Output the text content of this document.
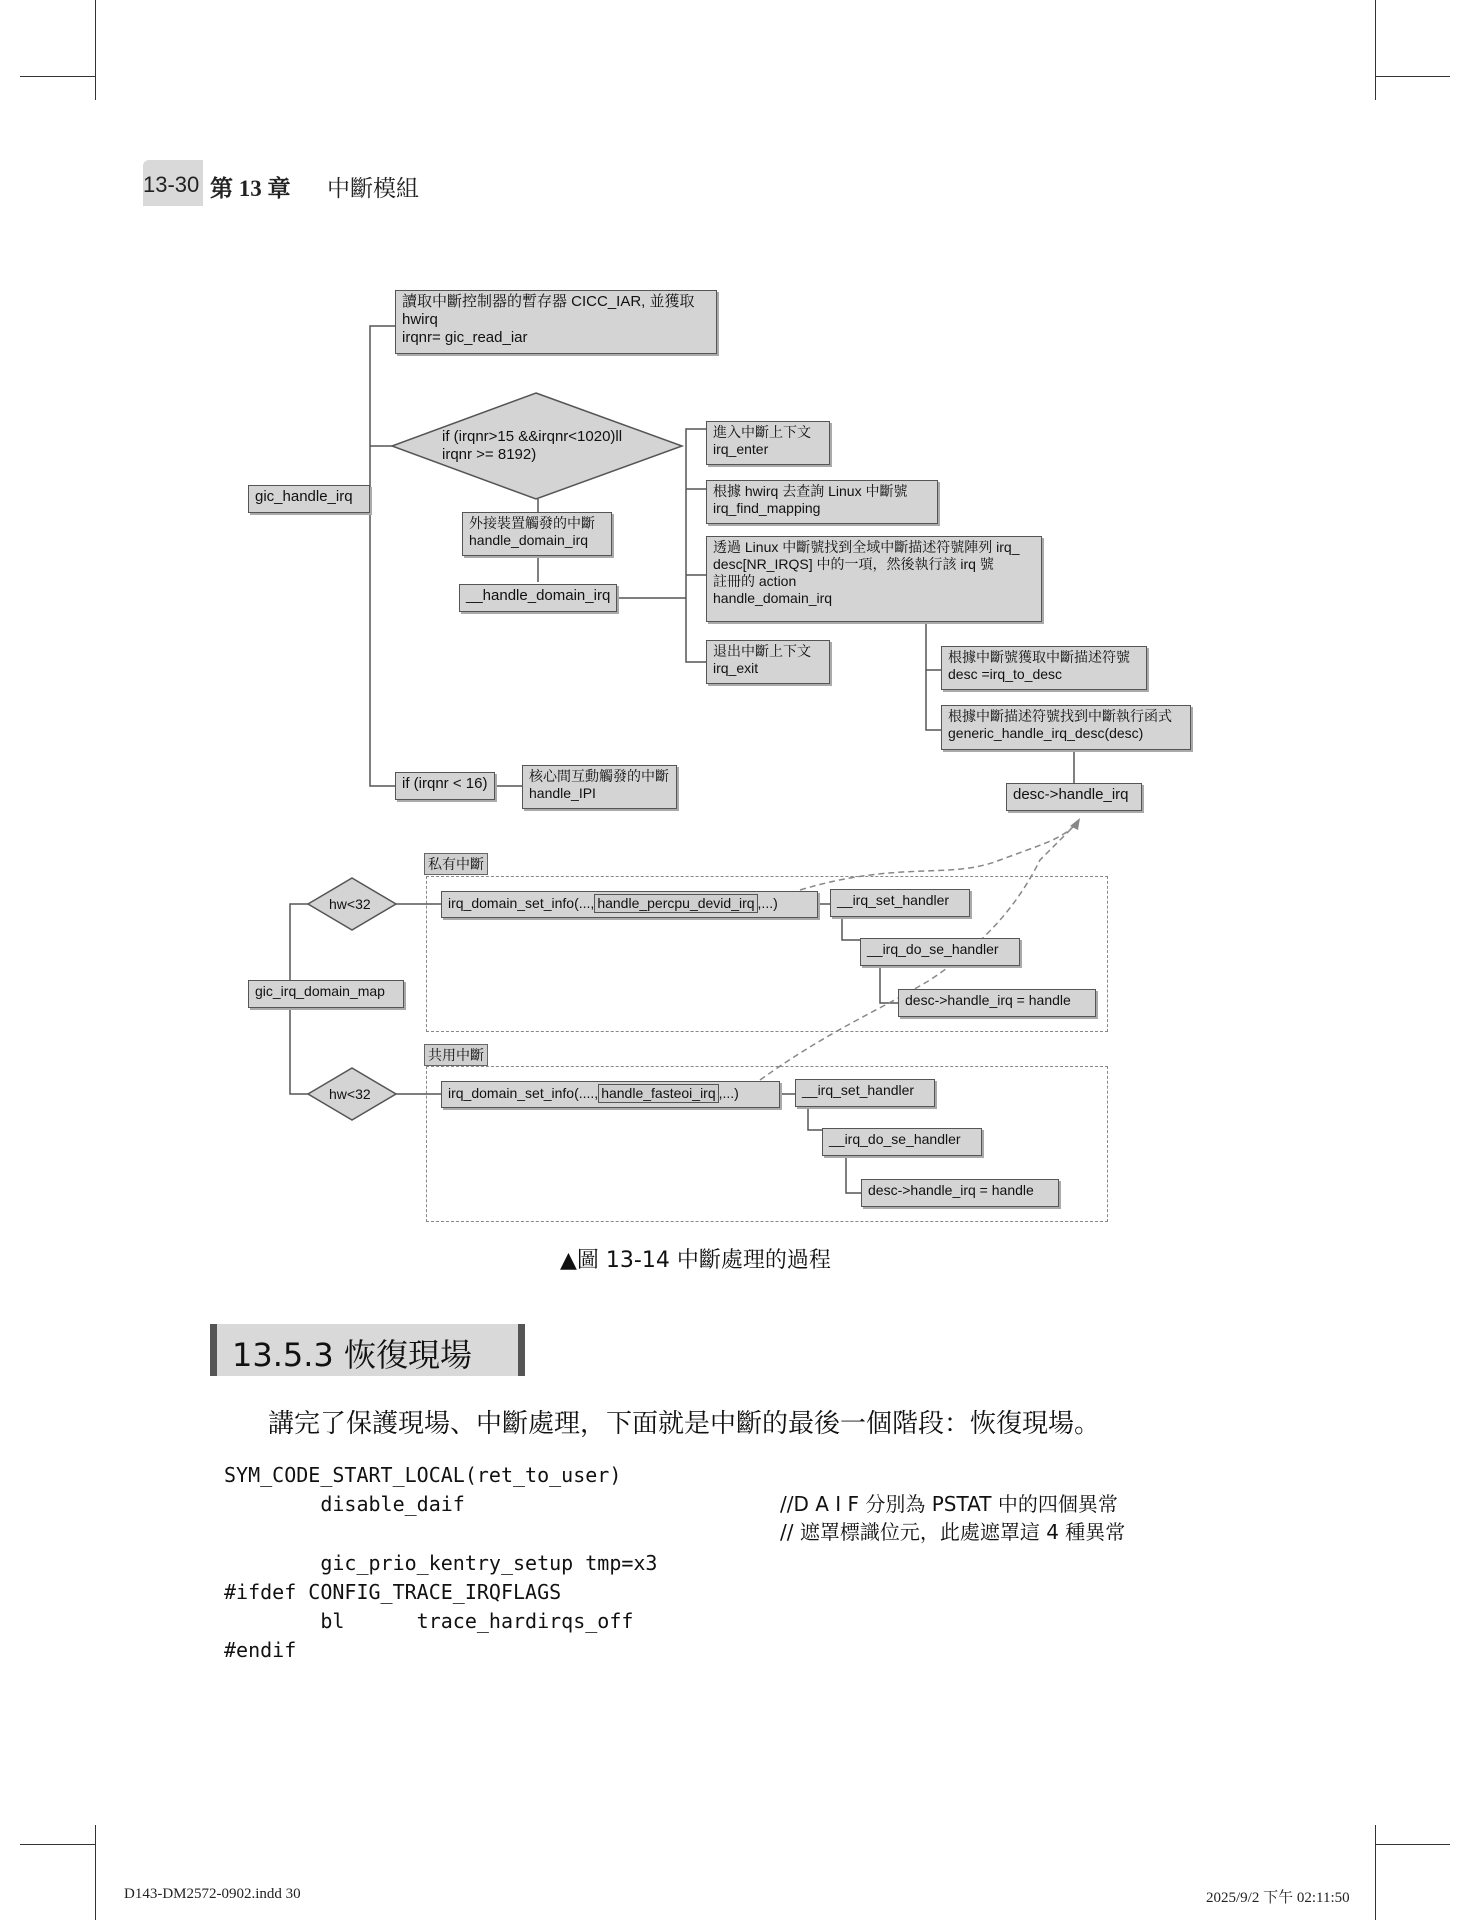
13-30 第 13 章 中斷模組
讀取中斷控制器的暫存器 CICC_IAR, 並獲取
hwirq
irqnr= gic_read_iar
if (irqnr>15 &&irqnr<1020)ll
irqnr >= 8192)
gic_handle_irq
外接裝置觸發的中斷
handle_domain_irq
__handle_domain_irq
進入中斷上下文
irq_enter
根據 hwirq 去查詢 Linux 中斷號
irq_find_mapping
透過 Linux 中斷號找到全域中斷描述符號陣列 irq_
desc[NR_IRQS] 中的一項，然後執行該 irq 號
註冊的 action
handle_domain_irq
退出中斷上下文
irq_exit
根據中斷號獲取中斷描述符號
desc =irq_to_desc
根據中斷描述符號找到中斷執行函式
generic_handle_irq_desc(desc)
desc->handle_irq
if (irqnr < 16)	核心間互動觸發的中斷
handle_IPI
私有中斷
共用中斷
hw<32
hw<32
gic_irq_domain_map
irq_domain_set_info(..., handle_percpu_devid_irq ,...)	__irq_set_handler
__irq_do_se_handler
desc->handle_irq = handle
irq_domain_set_info(...., handle_fasteoi_irq ,...)	__irq_set_handler
__irq_do_se_handler
desc->handle_irq = handle
▲圖 13-14 中斷處理的過程
13.5.3 恢復現場
講完了保護現場、中斷處理，下面就是中斷的最後一個階段：恢復現場。
SYM_CODE_START_LOCAL(ret_to_user)
disable_daif	//D A I F 分別為 PSTAT 中的四個異常
// 遮罩標識位元，此處遮罩這 4 種異常
gic_prio_kentry_setup tmp=x3
#ifdef CONFIG_TRACE_IRQFLAGS
bl      trace_hardirqs_off
#endif
D143-DM2572-0902.indd 30	2025/9/2 下午 02:11:50
